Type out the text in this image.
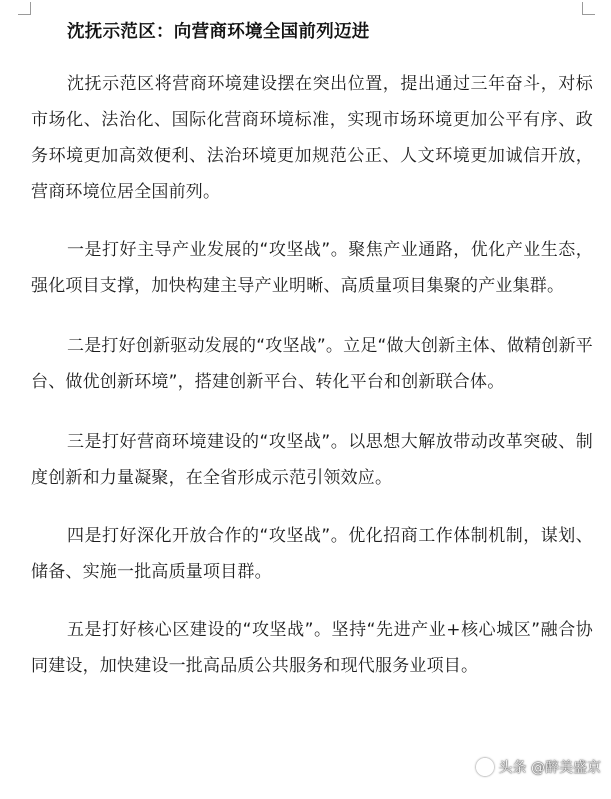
沈抚示范区：向营商环境全国前列迈进

沈抚示范区将营商环境建设摆在突出位置，提出通过三年奋斗，对标市场化、法治化、国际化营商环境标准，实现市场环境更加公平有序、政务环境更加高效便利、法治环境更加规范公正、人文环境更加诚信开放，营商环境位居全国前列。

一是打好主导产业发展的“攻坚战”。聚焦产业通路，优化产业生态，强化项目支撑，加快构建主导产业明晰、高质量项目集聚的产业集群。

二是打好创新驱动发展的“攻坚战”。立足“做大创新主体、做精创新平台、做优创新环境”，搭建创新平台、转化平台和创新联合体。

三是打好营商环境建设的“攻坚战”。以思想大解放带动改革突破、制度创新和力量凝聚，在全省形成示范引领效应。

四是打好深化开放合作的“攻坚战”。优化招商工作体制机制，谋划、储备、实施一批高质量项目群。

五是打好核心区建设的“攻坚战”。坚持“先进产业+核心城区”融合协同建设，加快建设一批高品质公共服务和现代服务业项目。

头条 @醉美盛京
